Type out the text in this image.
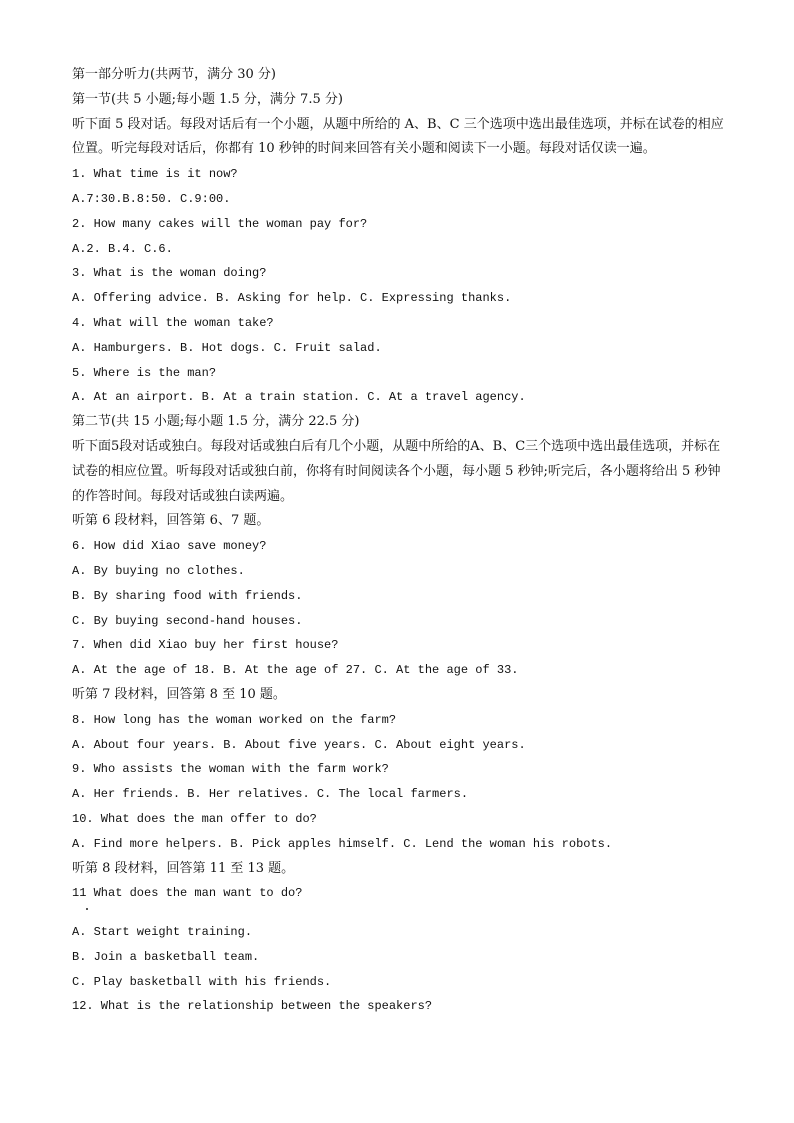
第一部分听力(共两节，满分 30 分)

第一节(共 5 小题;每小题 1.5 分，满分 7.5 分)

听下面 5 段对话。每段对话后有一个小题，从题中所给的 A、B、C 三个选项中选出最佳选项，并标在试卷的相应位置。听完每段对话后，你都有 10 秒钟的时间来回答有关小题和阅读下一小题。每段对话仅读一遍。

1. What time is it now?

A.7:30.B.8:50. C.9:00.

2. How many cakes will the woman pay for?

A.2. B.4. C.6.

3. What is the woman doing?

A. Offering advice. B. Asking for help. C. Expressing thanks.

4. What will the woman take?

A. Hamburgers. B. Hot dogs. C. Fruit salad.

5. Where is the man?

A. At an airport. B. At a train station. C. At a travel agency.

第二节(共 15 小题;每小题 1.5 分，满分 22.5 分)

听下面5段对话或独白。每段对话或独白后有几个小题，从题中所给的A、B、C三个选项中选出最佳选项，并标在试卷的相应位置。听每段对话或独白前，你将有时间阅读各个小题，每小题 5 秒钟;听完后，各小题将给出 5 秒钟的作答时间。每段对话或独白读两遍。

听第 6 段材料，回答第 6、7 题。

6. How did Xiao save money?

A. By buying no clothes.

B. By sharing food with friends.

C. By buying second-hand houses.

7. When did Xiao buy her first house?

A. At the age of 18. B. At the age of 27. C. At the age of 33.

听第 7 段材料，回答第 8 至 10 题。

8. How long has the woman worked on the farm?

A. About four years. B. About five years. C. About eight years.

9. Who assists the woman with the farm work?

A. Her friends. B. Her relatives. C. The local farmers.

10. What does the man offer to do?

A. Find more helpers. B. Pick apples himself. C. Lend the woman his robots.

听第 8 段材料，回答第 11 至 13 题。

11 What does the man want to do?

A. Start weight training.

B. Join a basketball team.

C. Play basketball with his friends.

12. What is the relationship between the speakers?
